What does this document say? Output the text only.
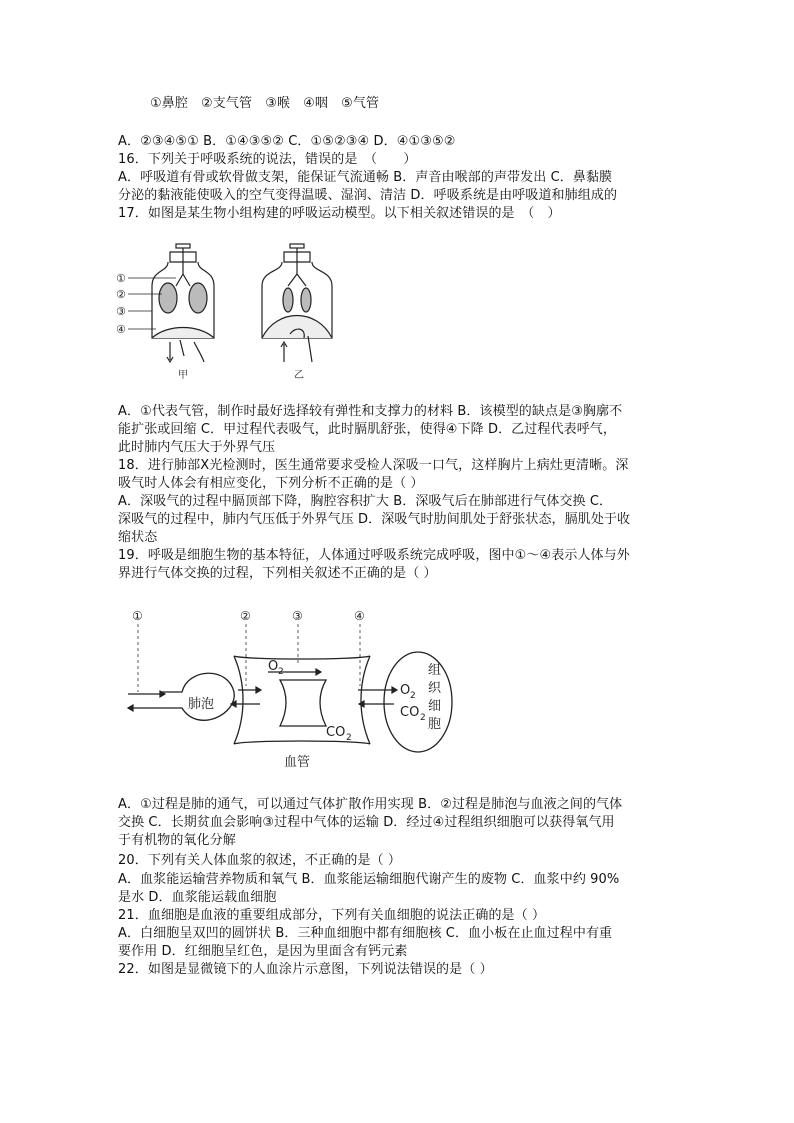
①鼻腔　②支气管　③喉　④咽　⑤气管
A．②③④⑤① B．①④③⑤② C．①⑤②③④ D．④①③⑤②
16．下列关于呼吸系统的说法，错误的是　（　　）
A．呼吸道有骨或软骨做支架，能保证气流通畅 B．声音由喉部的声带发出 C．鼻黏膜
分泌的黏液能使吸入的空气变得温暖、湿润、清洁 D．呼吸系统是由呼吸道和肺组成的
17．如图是某生物小组构建的呼吸运动模型。以下相关叙述错误的是　（　）
①
②
③
④
甲	乙
A．①代表气管，制作时最好选择较有弹性和支撑力的材料 B．该模型的缺点是③胸廓不
能扩张或回缩 C．甲过程代表吸气，此时膈肌舒张，使得④下降 D．乙过程代表呼气，
此时肺内气压大于外界气压
18．进行肺部X光检测时，医生通常要求受检人深吸一口气，这样胸片上病灶更清晰。深
吸气时人体会有相应变化，下列分析不正确的是（ ）
A．深吸气的过程中膈顶部下降，胸腔容积扩大 B．深吸气后在肺部进行气体交换 C．
深吸气的过程中，肺内气压低于外界气压 D．深吸气时肋间肌处于舒张状态，膈肌处于收
缩状态
19．呼吸是细胞生物的基本特征，人体通过呼吸系统完成呼吸，图中①～④表示人体与外
界进行气体交换的过程，下列相关叙述不正确的是（ ）
①	②	③	④
肺泡
O 2
CO 2
O 2
CO 2
组
织
细
胞
血管
A．①过程是肺的通气，可以通过气体扩散作用实现 B．②过程是肺泡与血液之间的气体
交换 C．长期贫血会影响③过程中气体的运输 D．经过④过程组织细胞可以获得氧气用
于有机物的氧化分解
20．下列有关人体血浆的叙述，不正确的是（ ）
A．血浆能运输营养物质和氧气 B．血浆能运输细胞代谢产生的废物 C．血浆中约 90%
是水 D．血浆能运载血细胞
21．血细胞是血液的重要组成部分，下列有关血细胞的说法正确的是（ ）
A．白细胞呈双凹的圆饼状 B．三种血细胞中都有细胞核 C．血小板在止血过程中有重
要作用 D．红细胞呈红色，是因为里面含有钙元素
22．如图是显微镜下的人血涂片示意图，下列说法错误的是（ ）
